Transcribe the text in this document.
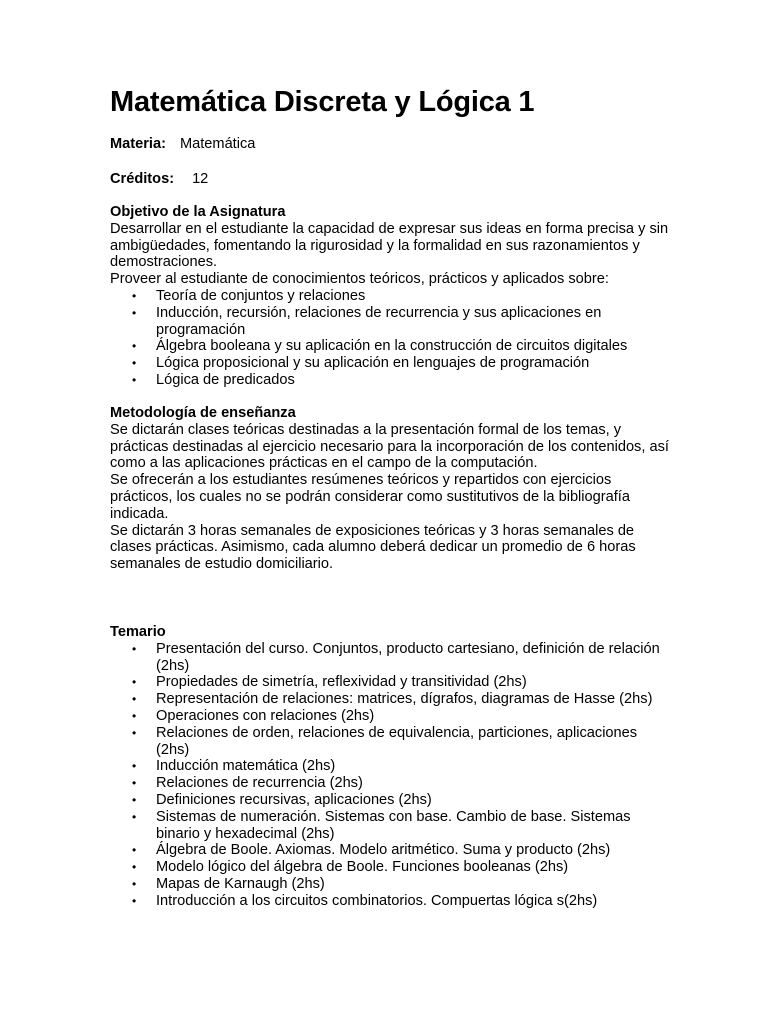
Matemática Discreta y Lógica 1
Materia: Matemática
Créditos: 12

Objetivo de la Asignatura

Desarrollar en el estudiante la capacidad de expresar sus ideas en forma precisa y sin ambigüedades, fomentando la rigurosidad y la formalidad en sus razonamientos y demostraciones.

Proveer al estudiante de conocimientos teóricos, prácticos y aplicados sobre:

• Teoría de conjuntos y relaciones
• Inducción, recursión, relaciones de recurrencia y sus aplicaciones en programación
• Álgebra booleana y su aplicación en la construcción de circuitos digitales
• Lógica proposicional y su aplicación en lenguajes de programación
• Lógica de predicados

Metodología de enseñanza

Se dictarán clases teóricas destinadas a la presentación formal de los temas, y prácticas destinadas al ejercicio necesario para la incorporación de los contenidos, así como a las aplicaciones prácticas en el campo de la computación.

Se ofrecerán a los estudiantes resúmenes teóricos y repartidos con ejercicios prácticos, los cuales no se podrán considerar como sustitutivos de la bibliografía indicada.

Se dictarán 3 horas semanales de exposiciones teóricas y 3 horas semanales de clases prácticas. Asimismo, cada alumno deberá dedicar un promedio de 6 horas semanales de estudio domiciliario.

Temario

• Presentación del curso. Conjuntos, producto cartesiano, definición de relación (2hs)
• Propiedades de simetría, reflexividad y transitividad (2hs)
• Representación de relaciones: matrices, dígrafos, diagramas de Hasse (2hs)
• Operaciones con relaciones (2hs)
• Relaciones de orden, relaciones de equivalencia, particiones, aplicaciones (2hs)
• Inducción matemática (2hs)
• Relaciones de recurrencia (2hs)
• Definiciones recursivas, aplicaciones (2hs)
• Sistemas de numeración. Sistemas con base. Cambio de base. Sistemas binario y hexadecimal (2hs)
• Álgebra de Boole. Axiomas. Modelo aritmético. Suma y producto (2hs)
• Modelo lógico del álgebra de Boole. Funciones booleanas (2hs)
• Mapas de Karnaugh (2hs)
• Introducción a los circuitos combinatorios. Compuertas lógica s(2hs)
